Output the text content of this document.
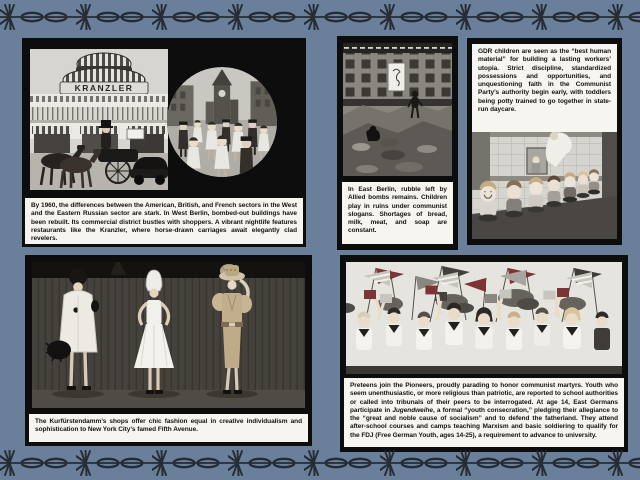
KRANZLER
By 1960, the differences between the American, British, and French sectors in the West and the Eastern Russian sector are stark. In West Berlin, bombed-out buildings have been rebuilt. Its commercial district bustles with shoppers. A vibrant nightlife features restaurants like the Kranzler, where horse-drawn carriages await elegantly clad revelers.
In East Berlin, rubble left by Allied bombs remains. Children play in ruins under communist slogans. Shortages of bread, milk, meat, and soap are constant.
GDR children are seen as the “best human material” for building a lasting workers’ utopia. Strict discipline, standardized possessions and opportunities, and unquestioning faith in the Communist Party’s authority begin early, with toddlers being potty trained to go together in state-run daycare.
The Kurfürstendamm’s shops offer chic fashion equal in creative individualism and sophistication to New York City’s famed Fifth Avenue.
Preteens join the Pioneers, proudly parading to honor communist martyrs. Youth who seem unenthusiastic, or more religious than patriotic, are reported to school authorities or called into tribunals of their peers to be interrogated. At age 14, East Germans participate in Jugendweihe, a formal “youth consecration,” pledging their allegiance to the “great and noble cause of socialism” and to defend the fatherland. They attend after-school courses and camps teaching Marxism and basic soldiering to qualify for the FDJ (Free German Youth, ages 14-25), a requirement to advance to university.
